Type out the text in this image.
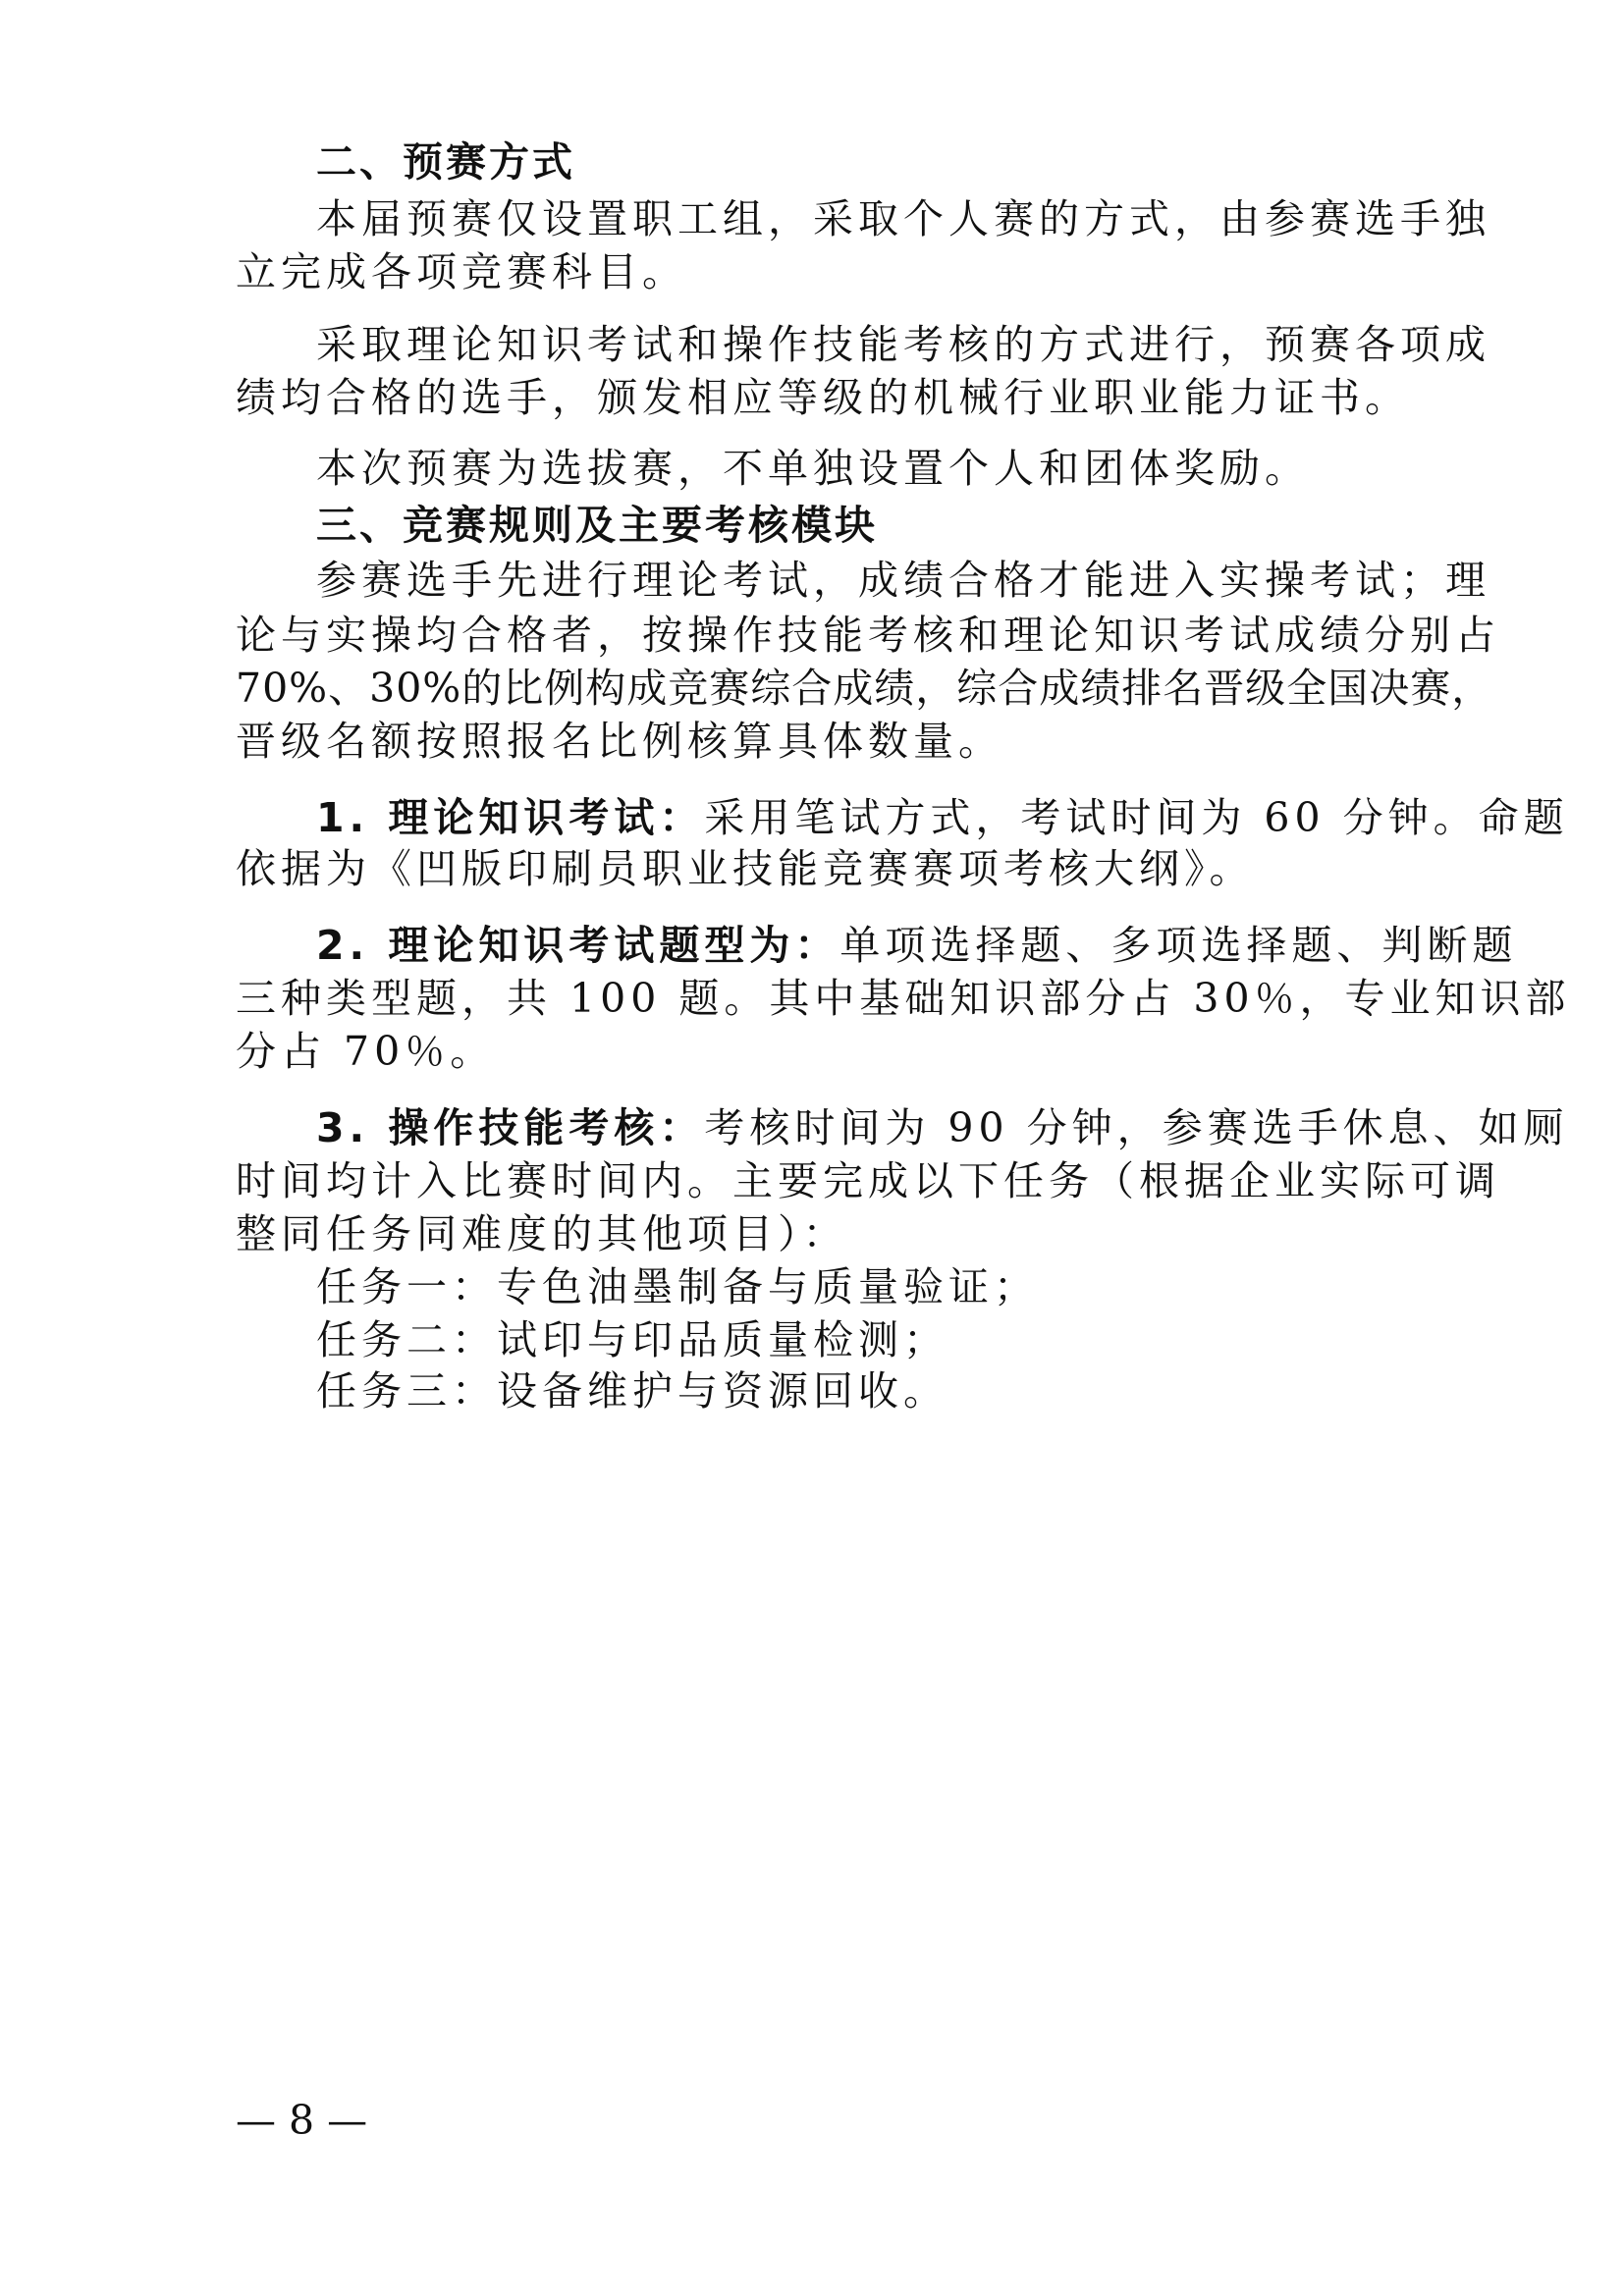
二、预赛方式
本届预赛仅设置职工组，采取个人赛的方式，由参赛选手独
立完成各项竞赛科目。
采取理论知识考试和操作技能考核的方式进行，预赛各项成
绩均合格的选手，颁发相应等级的机械行业职业能力证书。
本次预赛为选拔赛，不单独设置个人和团体奖励。
三、竞赛规则及主要考核模块
参赛选手先进行理论考试，成绩合格才能进入实操考试；理
论与实操均合格者，按操作技能考核和理论知识考试成绩分别占
70%、30%的比例构成竞赛综合成绩，综合成绩排名晋级全国决赛，
晋级名额按照报名比例核算具体数量。
1. 理论知识考试：采用笔试方式，考试时间为 60 分钟。命题
依据为《凹版印刷员职业技能竞赛赛项考核大纲》。
2. 理论知识考试题型为：单项选择题、多项选择题、判断题
三种类型题，共 100 题。其中基础知识部分占 30％，专业知识部
分占 70％。
3. 操作技能考核：考核时间为 90 分钟，参赛选手休息、如厕
时间均计入比赛时间内。主要完成以下任务（根据企业实际可调
整同任务同难度的其他项目）：
任务一：专色油墨制备与质量验证；
任务二：试印与印品质量检测；
任务三：设备维护与资源回收。
— 8 —
